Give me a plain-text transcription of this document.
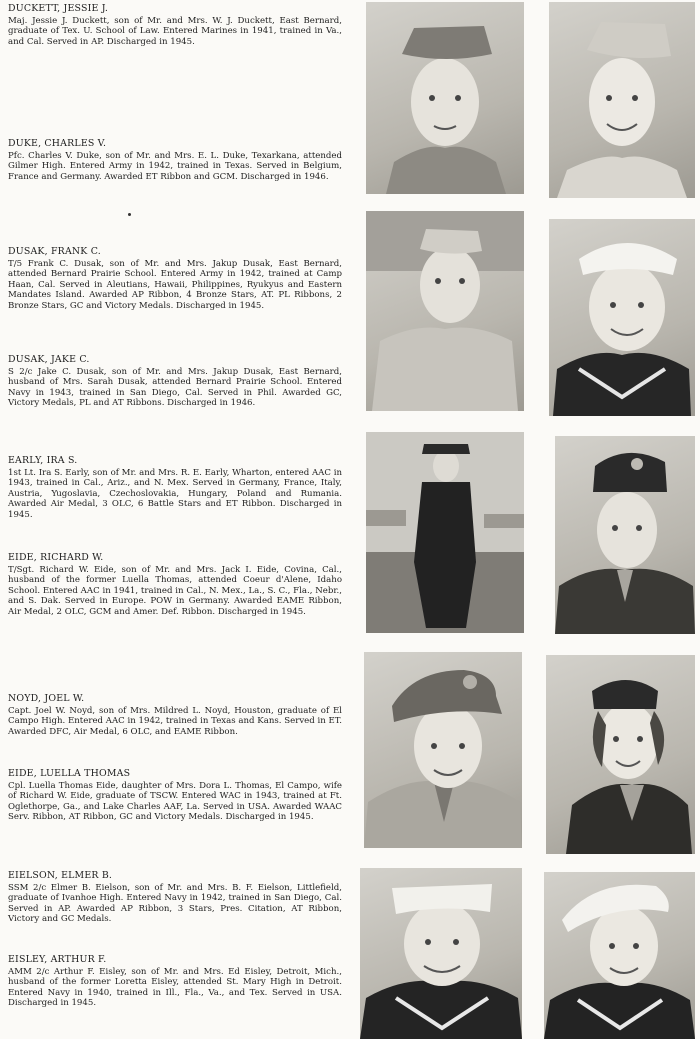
DUCKETT, JESSIE J.
Maj. Jessie J. Duckett, son of Mr. and Mrs. W. J. Duckett, East Bernard, graduate of Tex. U. School of Law. Entered Marines in 1941, trained in Va., and Cal. Served in AP. Discharged in 1945.
DUKE, CHARLES V.
Pfc. Charles V. Duke, son of Mr. and Mrs. E. L. Duke, Texarkana, attended Gilmer High. Entered Army in 1942, trained in Texas. Served in Belgium, France and Germany. Awarded ET Ribbon and GCM. Discharged in 1946.
DUSAK, FRANK C.
T/5 Frank C. Dusak, son of Mr. and Mrs. Jakup Dusak, East Bernard, attended Bernard Prairie School. Entered Army in 1942, trained at Camp Haan, Cal. Served in Aleutians, Hawaii, Philippines, Ryukyus and Eastern Mandates Island. Awarded AP Ribbon, 4 Bronze Stars, AT. PL Ribbons, 2 Bronze Stars, GC and Victory Medals. Discharged in 1945.
DUSAK, JAKE C.
S 2/c Jake C. Dusak, son of Mr. and Mrs. Jakup Dusak, East Bernard, husband of Mrs. Sarah Dusak, attended Bernard Prairie School. Entered Navy in 1943, trained in San Diego, Cal. Served in Phil. Awarded GC, Victory Medals, PL and AT Ribbons. Discharged in 1946.
EARLY, IRA S.
1st Lt. Ira S. Early, son of Mr. and Mrs. R. E. Early, Wharton, entered AAC in 1943, trained in Cal., Ariz., and N. Mex. Served in Germany, France, Italy, Austria, Yugoslavia, Czechoslovakia, Hungary, Poland and Rumania. Awarded Air Medal, 3 OLC, 6 Battle Stars and ET Ribbon. Discharged in 1945.
EIDE, RICHARD W.
T/Sgt. Richard W. Eide, son of Mr. and Mrs. Jack I. Eide, Covina, Cal., husband of the former Luella Thomas, attended Coeur d'Alene, Idaho School. Entered AAC in 1941, trained in Cal., N. Mex., La., S. C., Fla., Nebr., and S. Dak. Served in Europe. POW in Germany. Awarded EAME Ribbon, Air Medal, 2 OLC, GCM and Amer. Def. Ribbon. Discharged in 1945.
NOYD, JOEL W.
Capt. Joel W. Noyd, son of Mrs. Mildred L. Noyd, Houston, graduate of El Campo High. Entered AAC in 1942, trained in Texas and Kans. Served in ET. Awarded DFC, Air Medal, 6 OLC, and EAME Ribbon.
EIDE, LUELLA THOMAS
Cpl. Luella Thomas Eide, daughter of Mrs. Dora L. Thomas, El Campo, wife of Richard W. Eide, graduate of TSCW. Entered WAC in 1943, trained at Ft. Oglethorpe, Ga., and Lake Charles AAF, La. Served in USA. Awarded WAAC Serv. Ribbon, AT Ribbon, GC and Victory Medals. Discharged in 1945.
EIELSON, ELMER B.
SSM 2/c Elmer B. Eielson, son of Mr. and Mrs. B. F. Eielson, Littlefield, graduate of Ivanhoe High. Entered Navy in 1942, trained in San Diego, Cal. Served in AP. Awarded AP Ribbon, 3 Stars, Pres. Citation, AT Ribbon, Victory and GC Medals.
EISLEY, ARTHUR F.
AMM 2/c Arthur F. Eisley, son of Mr. and Mrs. Ed Eisley, Detroit, Mich., husband of the former Loretta Eisley, attended St. Mary High in Detroit. Entered Navy in 1940, trained in Ill., Fla., Va., and Tex. Served in USA. Discharged in 1945.
